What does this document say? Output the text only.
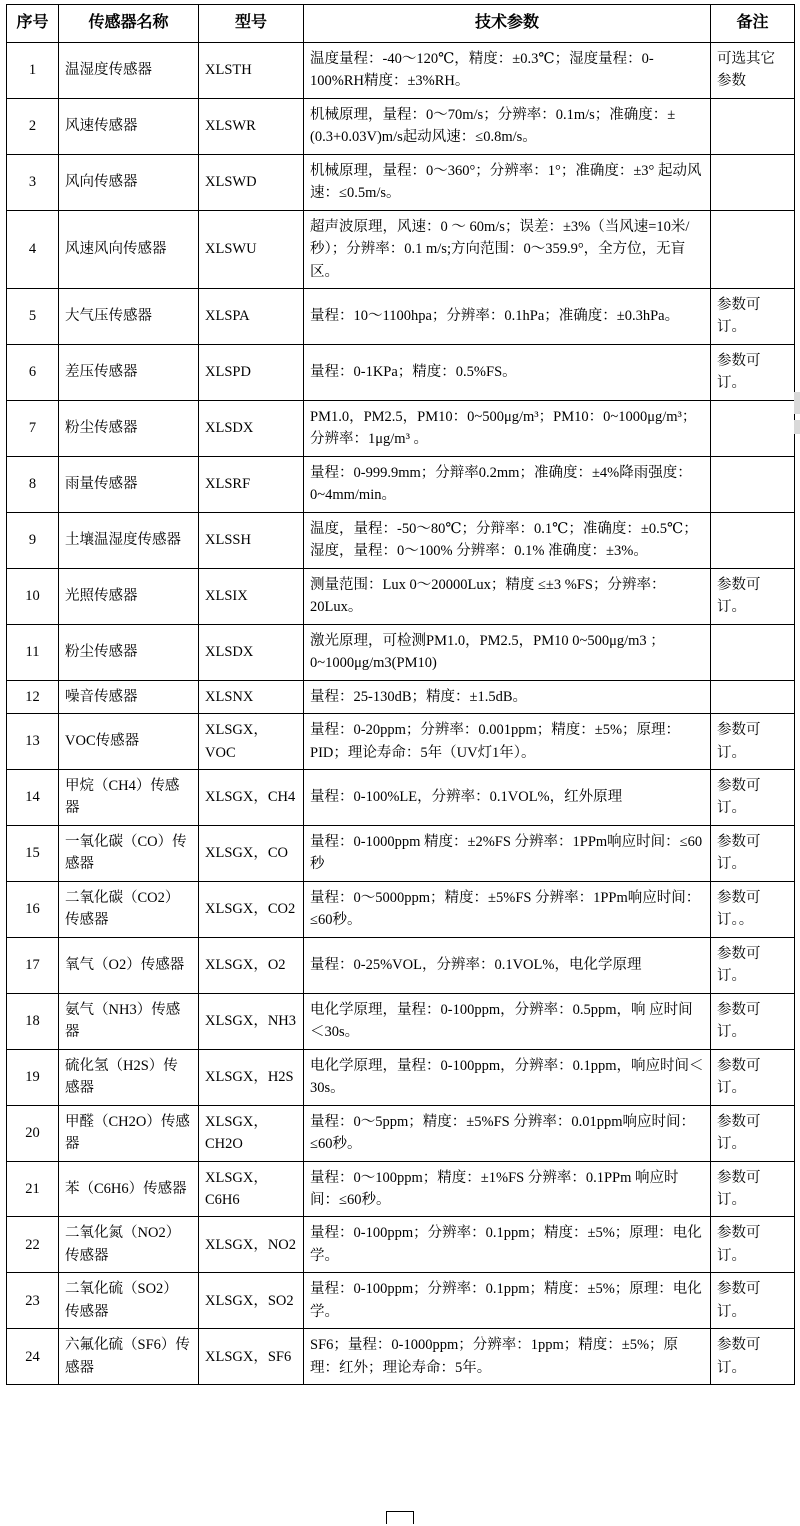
序号	传感器名称	型号	技术参数	备注
1	温湿度传感器	XLSTH	温度量程：-40～120℃，精度：±0.3℃；湿度量程：0-100%RH精度：±3%RH。	可选其它参数
2	风速传感器	XLSWR	机械原理，量程：0～70m/s；分辨率：0.1m/s；准确度：±(0.3+0.03V)m/s起动风速：≤0.8m/s。	
3	风向传感器	XLSWD	机械原理，量程：0～360°；分辨率：1°；准确度：±3° 起动风速：≤0.5m/s。	
4	风速风向传感器	XLSWU	超声波原理，风速：0 ～ 60m/s；误差：±3%（当风速=10米/秒）；分辨率：0.1 m/s;方向范围：0～359.9°，全方位，无盲区。	
5	大气压传感器	XLSPA	量程：10～1100hpa；分辨率：0.1hPa；准确度：±0.3hPa。	参数可订。
6	差压传感器	XLSPD	量程：0-1KPa；精度：0.5%FS。	参数可订。
7	粉尘传感器	XLSDX	PM1.0，PM2.5，PM10：0~500μg/m³；PM10：0~1000μg/m³；分辨率：1μg/m³ 。	
8	雨量传感器	XLSRF	量程：0-999.9mm；分辩率0.2mm；准确度：±4%降雨强度：0~4mm/min。	
9	土壤温湿度传感器	XLSSH	温度，量程：-50～80℃；分辩率：0.1℃；准确度：±0.5℃；湿度，量程：0～100% 分辨率：0.1% 准确度：±3%。	
10	光照传感器	XLSIX	测量范围：Lux 0～20000Lux；精度 ≤±3 %FS；分辨率： 20Lux。	参数可订。
11	粉尘传感器	XLSDX	激光原理，可检测PM1.0，PM2.5，PM10 0~500μg/m3 ；0~1000μg/m3(PM10)	
12	噪音传感器	XLSNX	量程：25-130dB；精度：±1.5dB。	
13	VOC传感器	XLSGX，VOC	量程：0-20ppm；分辨率：0.001ppm；精度：±5%；原理：PID；理论寿命：5年（UV灯1年）。	参数可订。
14	甲烷（CH4）传感器	XLSGX，CH4	量程：0-100%LE，分辨率：0.1VOL%，红外原理	参数可订。
15	一氧化碳（CO）传感器	XLSGX，CO	量程：0-1000ppm 精度：±2%FS 分辨率：1PPm响应时间：≤60秒	参数可订。
16	二氧化碳（CO2）传感器	XLSGX，CO2	量程：0～5000ppm；精度：±5%FS 分辨率：1PPm响应时间：≤60秒。	参数可订。。
17	氧气（O2）传感器	XLSGX，O2	量程：0-25%VOL，分辨率：0.1VOL%，电化学原理	参数可订。
18	氨气（NH3）传感器	XLSGX，NH3	电化学原理，量程：0-100ppm，分辨率：0.5ppm，响 应时间＜30s。	参数可订。
19	硫化氢（H2S）传感器	XLSGX，H2S	电化学原理，量程：0-100ppm，分辨率：0.1ppm，响应时间＜30s。	参数可订。
20	甲醛（CH2O）传感器	XLSGX，CH2O	量程：0～5ppm；精度：±5%FS 分辨率：0.01ppm响应时间：≤60秒。	参数可订。
21	苯（C6H6）传感器	XLSGX，C6H6	量程：0～100ppm；精度：±1%FS 分辨率：0.1PPm 响应时间：≤60秒。	参数可订。
22	二氧化氮（NO2）传感器	XLSGX，NO2	量程：0-100ppm；分辨率：0.1ppm；精度：±5%；原理：电化学。	参数可订。
23	二氧化硫（SO2）传感器	XLSGX，SO2	量程：0-100ppm；分辨率：0.1ppm；精度：±5%；原理：电化学。	参数可订。
24	六氟化硫（SF6）传感器	XLSGX，SF6	SF6；量程：0-1000ppm；分辨率：1ppm；精度：±5%；原理：红外；理论寿命：5年。	参数可订。
